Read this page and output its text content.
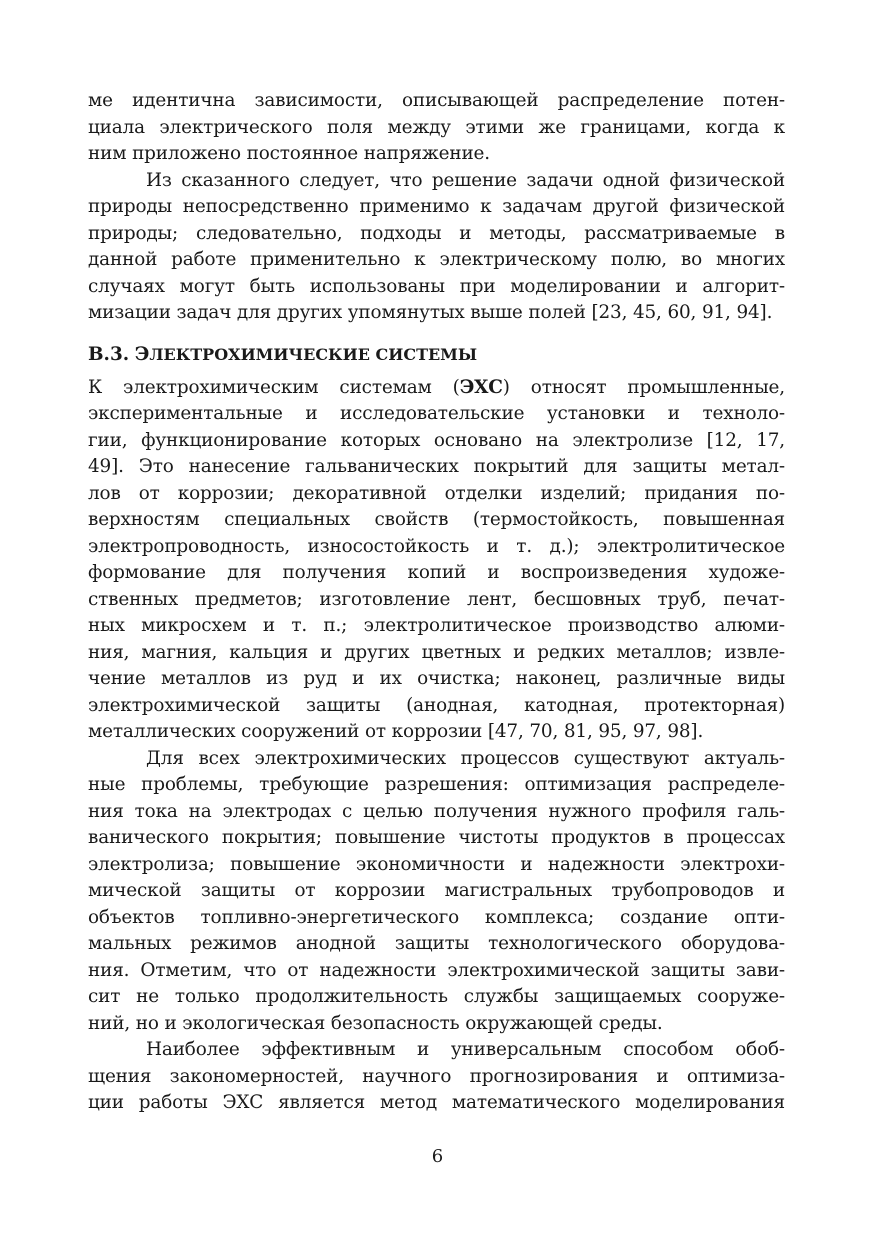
ме идентична зависимости, описывающей распределение потен-
циала электрического поля между этими же границами, когда к
ним приложено постоянное напряжение.
Из сказанного следует, что решение задачи одной физической
природы непосредственно применимо к задачам другой физической
природы; следовательно, подходы и методы, рассматриваемые в
данной работе применительно к электрическому полю, во многих
случаях могут быть использованы при моделировании и алгорит-
мизации задач для других упомянутых выше полей [23, 45, 60, 91, 94].
В.3. ЭЛЕКТРОХИМИЧЕСКИЕ СИСТЕМЫ
К электрохимическим системам (ЭХС) относят промышленные,
экспериментальные и исследовательские установки и техноло-
гии, функционирование которых основано на электролизе [12, 17,
49]. Это нанесение гальванических покрытий для защиты метал-
лов от коррозии; декоративной отделки изделий; придания по-
верхностям специальных свойств (термостойкость, повышенная
электропроводность, износостойкость и т. д.); электролитическое
формование для получения копий и воспроизведения художе-
ственных предметов; изготовление лент, бесшовных труб, печат-
ных микросхем и т. п.; электролитическое производство алюми-
ния, магния, кальция и других цветных и редких металлов; извле-
чение металлов из руд и их очистка; наконец, различные виды
электрохимической защиты (анодная, катодная, протекторная)
металлических сооружений от коррозии [47, 70, 81, 95, 97, 98].
Для всех электрохимических процессов существуют актуаль-
ные проблемы, требующие разрешения: оптимизация распределе-
ния тока на электродах с целью получения нужного профиля галь-
ванического покрытия; повышение чистоты продуктов в процессах
электролиза; повышение экономичности и надежности электрохи-
мической защиты от коррозии магистральных трубопроводов и
объектов топливно-энергетического комплекса; создание опти-
мальных режимов анодной защиты технологического оборудова-
ния. Отметим, что от надежности электрохимической защиты зави-
сит не только продолжительность службы защищаемых сооруже-
ний, но и экологическая безопасность окружающей среды.
Наиболее эффективным и универсальным способом обоб-
щения закономерностей, научного прогнозирования и оптимиза-
ции работы ЭХС является метод математического моделирования
6
